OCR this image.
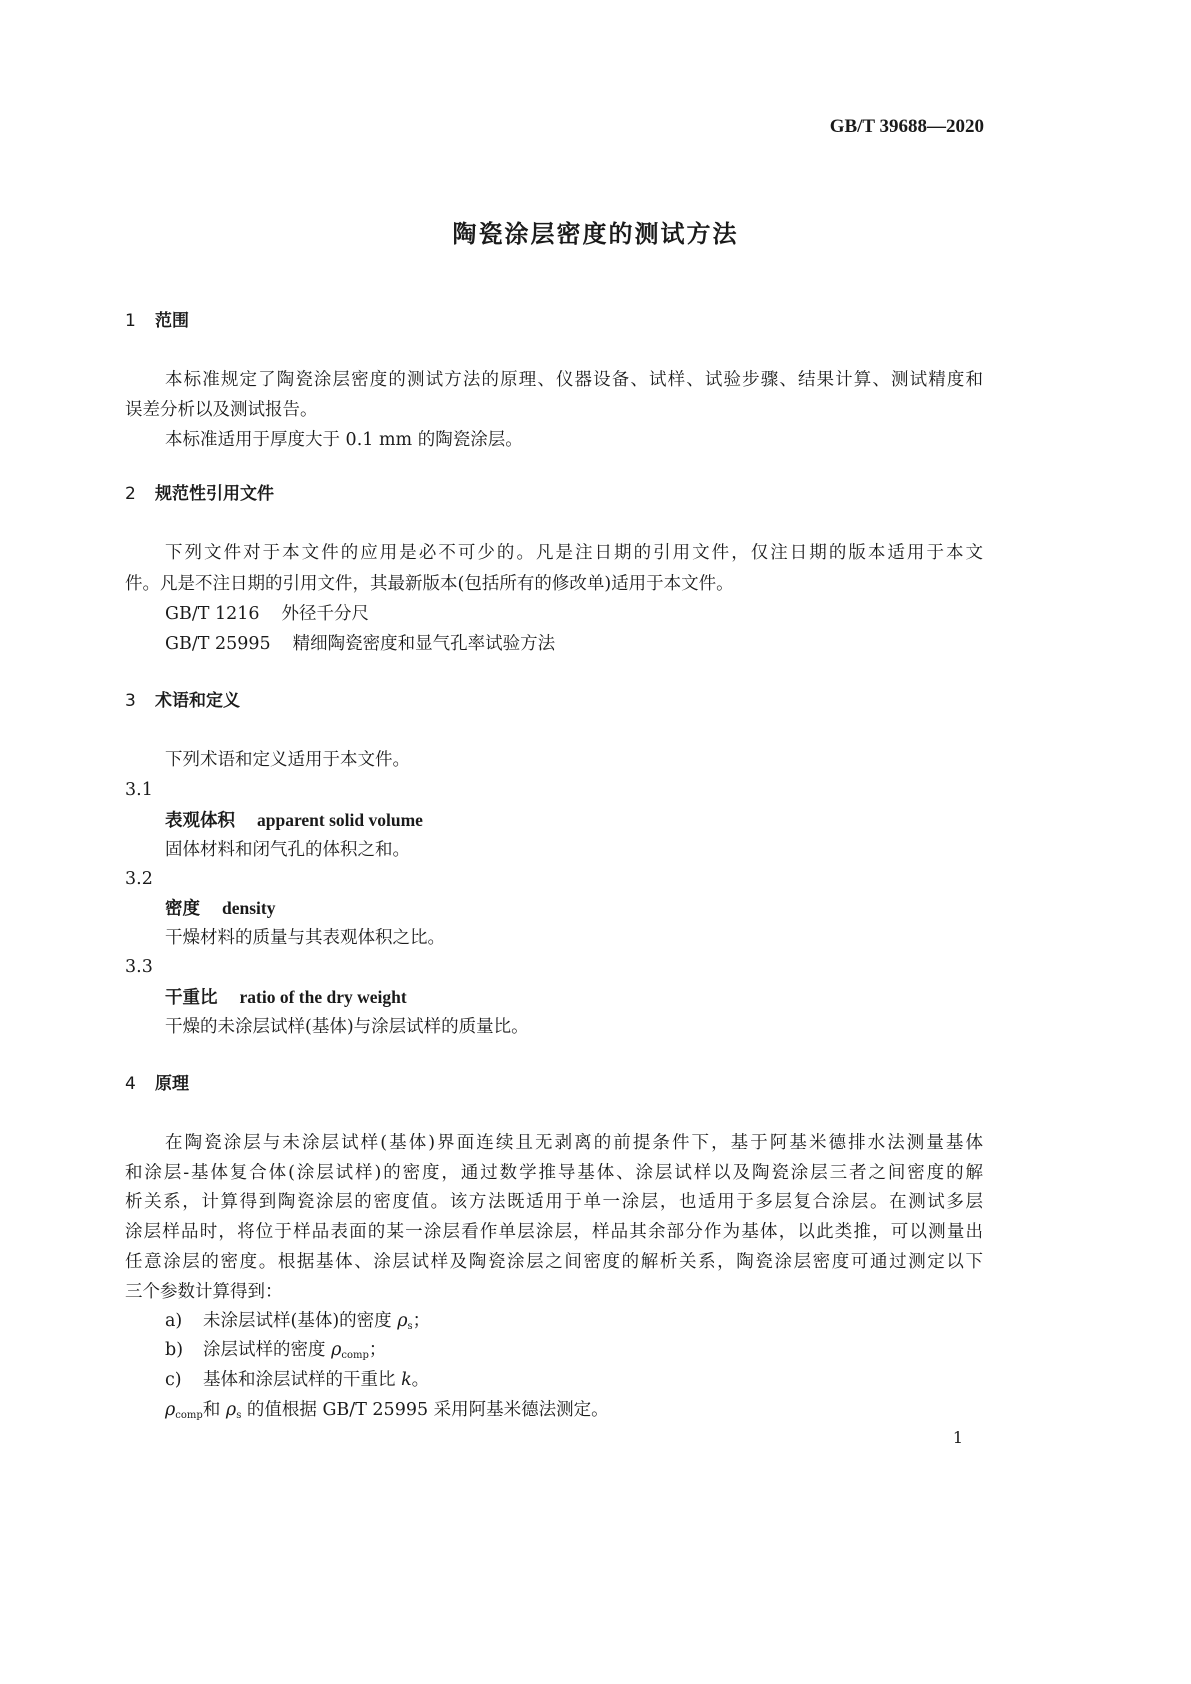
GB/T 39688—2020
陶瓷涂层密度的测试方法
1 范围
本标准规定了陶瓷涂层密度的测试方法的原理、仪器设备、试样、试验步骤、结果计算、测试精度和
误差分析以及测试报告。
本标准适用于厚度大于 0.1 mm 的陶瓷涂层。
2 规范性引用文件
下列文件对于本文件的应用是必不可少的。凡是注日期的引用文件，仅注日期的版本适用于本文
件。凡是不注日期的引用文件，其最新版本(包括所有的修改单)适用于本文件。
GB/T 1216 外径千分尺
GB/T 25995 精细陶瓷密度和显气孔率试验方法
3 术语和定义
下列术语和定义适用于本文件。
3.1
表观体积 apparent solid volume
固体材料和闭气孔的体积之和。
3.2
密度 density
干燥材料的质量与其表观体积之比。
3.3
干重比 ratio of the dry weight
干燥的未涂层试样(基体)与涂层试样的质量比。
4 原理
在陶瓷涂层与未涂层试样(基体)界面连续且无剥离的前提条件下，基于阿基米德排水法测量基体
和涂层-基体复合体(涂层试样)的密度，通过数学推导基体、涂层试样以及陶瓷涂层三者之间密度的解
析关系，计算得到陶瓷涂层的密度值。该方法既适用于单一涂层，也适用于多层复合涂层。在测试多层
涂层样品时，将位于样品表面的某一涂层看作单层涂层，样品其余部分作为基体，以此类推，可以测量出
任意涂层的密度。根据基体、涂层试样及陶瓷涂层之间密度的解析关系，陶瓷涂层密度可通过测定以下
三个参数计算得到：
a) 未涂层试样(基体)的密度 $\rho_s$；
b) 涂层试样的密度 $\rho_{comp}$；
c) 基体和涂层试样的干重比 k。
$\rho_{comp}$和 $\rho_s$ 的值根据 GB/T 25995 采用阿基米德法测定。
1
